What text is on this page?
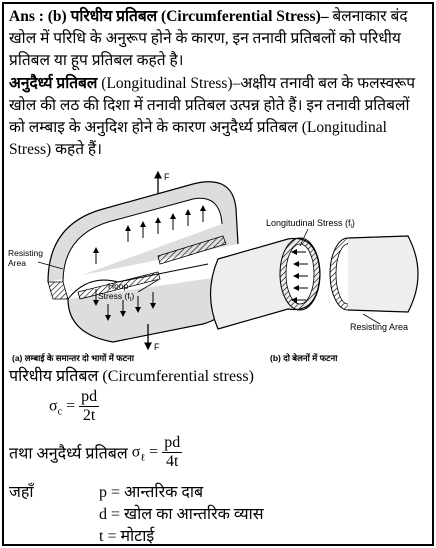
Ans : (b) परिधीय प्रतिबल (Circumferential Stress)– बेलनाकार बंद खोल में परिधि के अनुरूप होने के कारण, इन तनावी प्रतिबलों को परिधीय प्रतिबल या हूप प्रतिबल कहते है।
अनुदैर्ध्य प्रतिबल (Longitudinal Stress)–अक्षीय तनावी बल के फलस्वरूप खोल की लठ की दिशा में तनावी प्रतिबल उत्पन्न होते हैं। इन तनावी प्रतिबलों को लम्बाइ के अनुदिश होने के कारण अनुदैर्ध्य प्रतिबल (Longitudinal Stress) कहते हैं।
F
F
Resisting Area
Hoop Stress $(f_t)$
(a) लम्बाई के समान्तर दो भागों में फटना
Longitudinal Stress $(f_l)$
Resisting Area
(b) दो बेलनों में फटना
परिधीय प्रतिबल (Circumferential stress)
$\sigma_c = \frac{pd}{2t}$
तथा अनुदैर्ध्य प्रतिबल $\sigma_\ell = \frac{pd}{4t}$
जहाँ	p = आन्तरिक दाब
d = खोल का आन्तरिक व्यास
t = मोटाई
